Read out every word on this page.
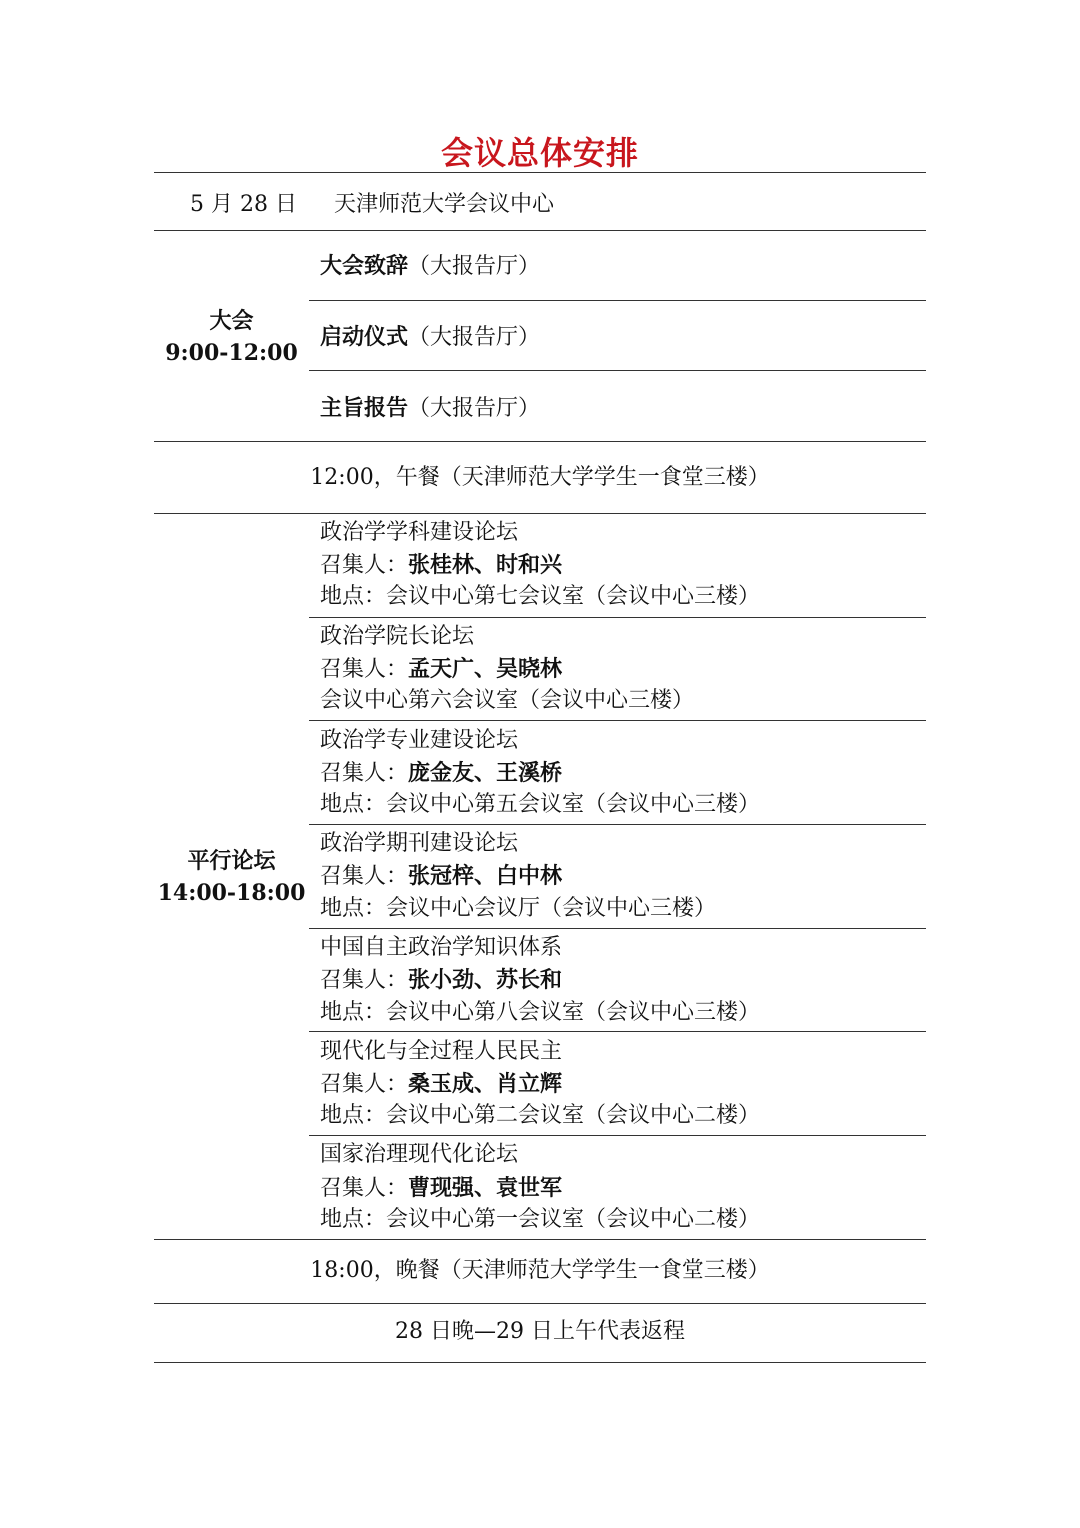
会议总体安排
5 月 28 日 天津师范大学会议中心
大会
9:00-12:00
大会致辞（大报告厅）
启动仪式（大报告厅）
主旨报告（大报告厅）
12:00，午餐（天津师范大学学生一食堂三楼）
平行论坛
14:00-18:00
政治学学科建设论坛
召集人：张桂林、时和兴
地点：会议中心第七会议室（会议中心三楼）
政治学院长论坛
召集人：孟天广、吴晓林
会议中心第六会议室（会议中心三楼）
政治学专业建设论坛
召集人：庞金友、王溪桥
地点：会议中心第五会议室（会议中心三楼）
政治学期刊建设论坛
召集人：张冠梓、白中林
地点：会议中心会议厅（会议中心三楼）
中国自主政治学知识体系
召集人：张小劲、苏长和
地点：会议中心第八会议室（会议中心三楼）
现代化与全过程人民民主
召集人：桑玉成、肖立辉
地点：会议中心第二会议室（会议中心二楼）
国家治理现代化论坛
召集人：曹现强、袁世军
地点：会议中心第一会议室（会议中心二楼）
18:00，晚餐（天津师范大学学生一食堂三楼）
28 日晚—29 日上午代表返程
